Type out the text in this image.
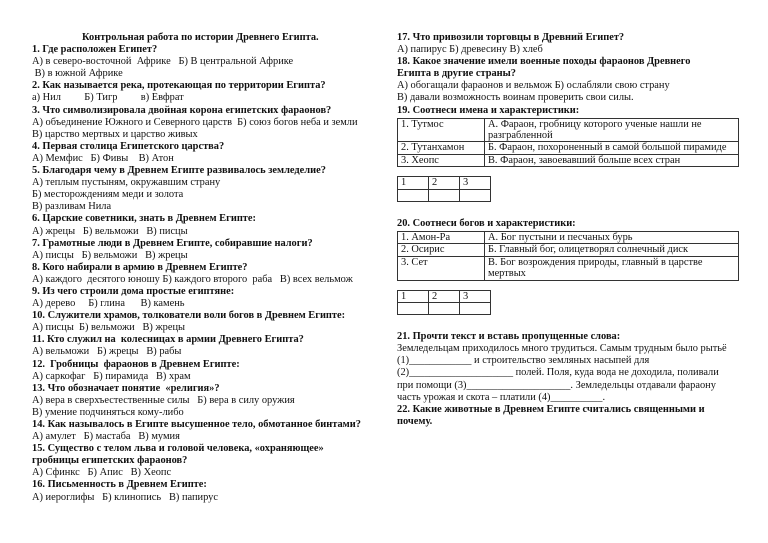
Контрольная работа по истории Древнего Египта.
1. Где расположен Египет?
А) в северо-восточной  Африке   Б) В центральной Африке
В) в южной Африке
2. Как называется река, протекающая по территории Египта?
а) Нил         Б) Тигр         в) Евфрат
3. Что символизировала двойная корона египетских фараонов?
А) объединение Южного и Северного царств  Б) союз богов неба и земли
В) царство мертвых и царство живых
4. Первая столица Египетского царства?
А) Мемфис   Б) Фивы    В) Атон
5. Благодаря чему в Древнем Египте развивалось земледелие?
А) теплым пустыням, окружавшим страну
Б) месторождениям меди и золота
В) разливам Нила
6. Царские советники, знать в Древнем Египте:
А) жрецы   Б) вельможи   В) писцы
7. Грамотные люди в Древнем Египте, собиравшие налоги?
А) писцы   Б) вельможи   В) жрецы
8. Кого набирали в армию в Древнем Египте?
А) каждого  десятого юношу Б) каждого второго  раба   В) всех вельмож
9. Из чего строили дома простые египтяне:
А) дерево     Б) глина      В) камень
10. Служители храмов, толкователи воли богов в Древнем Египте:
А) писцы  Б) вельможи   В) жрецы
11. Кто служил на  колесницах в армии Древнего Египта?
А) вельможи   Б) жрецы   В) рабы
12.  Гробницы  фараонов в Древнем Египте:
А) саркофаг   Б) пирамида   В) храм
13. Что обозначает понятие  «религия»?
А) вера в сверхъестественные силы   Б) вера в силу оружия
В) умение подчиняться кому-либо
14. Как называлось в Египте высушенное тело, обмотанное бинтами?
А) амулет   Б) мастаба   В) мумия
15. Существо с телом льва и головой человека, «охраняющее»
гробницы египетских фараонов?
А) Сфинкс   Б) Апис   В) Хеопс
16. Письменность в Древнем Египте:
А) иероглифы   Б) клинопись   В) папирус
17. Что привозили торговцы в Древний Египет?
А) папирус Б) древесину В) хлеб
18. Какое значение имели военные походы фараонов Древнего
Египта в другие страны?
А) обогащали фараонов и вельмож Б) ослабляли свою страну
В) давали возможность воинам проверить свои силы.
19. Соотнеси имена и характеристики:
1. Тутмос	А. Фараон, гробницу которого ученые нашли не разграбленной
2. Тутанхамон	Б. Фараон, похороненный в самой большой пирамиде
3. Хеопс	В. Фараон, завоевавший больше всех стран
1	2	3

20. Соотнеси богов и характеристики:
1. Амон-Ра	А. Бог пустыни и песчаных бурь
2. Осирис	Б. Главный бог, олицетворял солнечный диск
3. Сет	В. Бог возрождения природы, главный в царстве мертвых
1	2	3

21. Прочти текст и вставь пропущенные слова:
Земледельцам приходилось много трудиться. Самым трудным было рытьё
(1)____________ и строительство земляных насыпей для
(2)____________________ полей. Поля, куда вода не доходила, поливали
при помощи (3)____________________. Земледельцы отдавали фараону
часть урожая и скота – платили (4)__________.
22. Какие животные в Древнем Египте считались священными и
почему.
